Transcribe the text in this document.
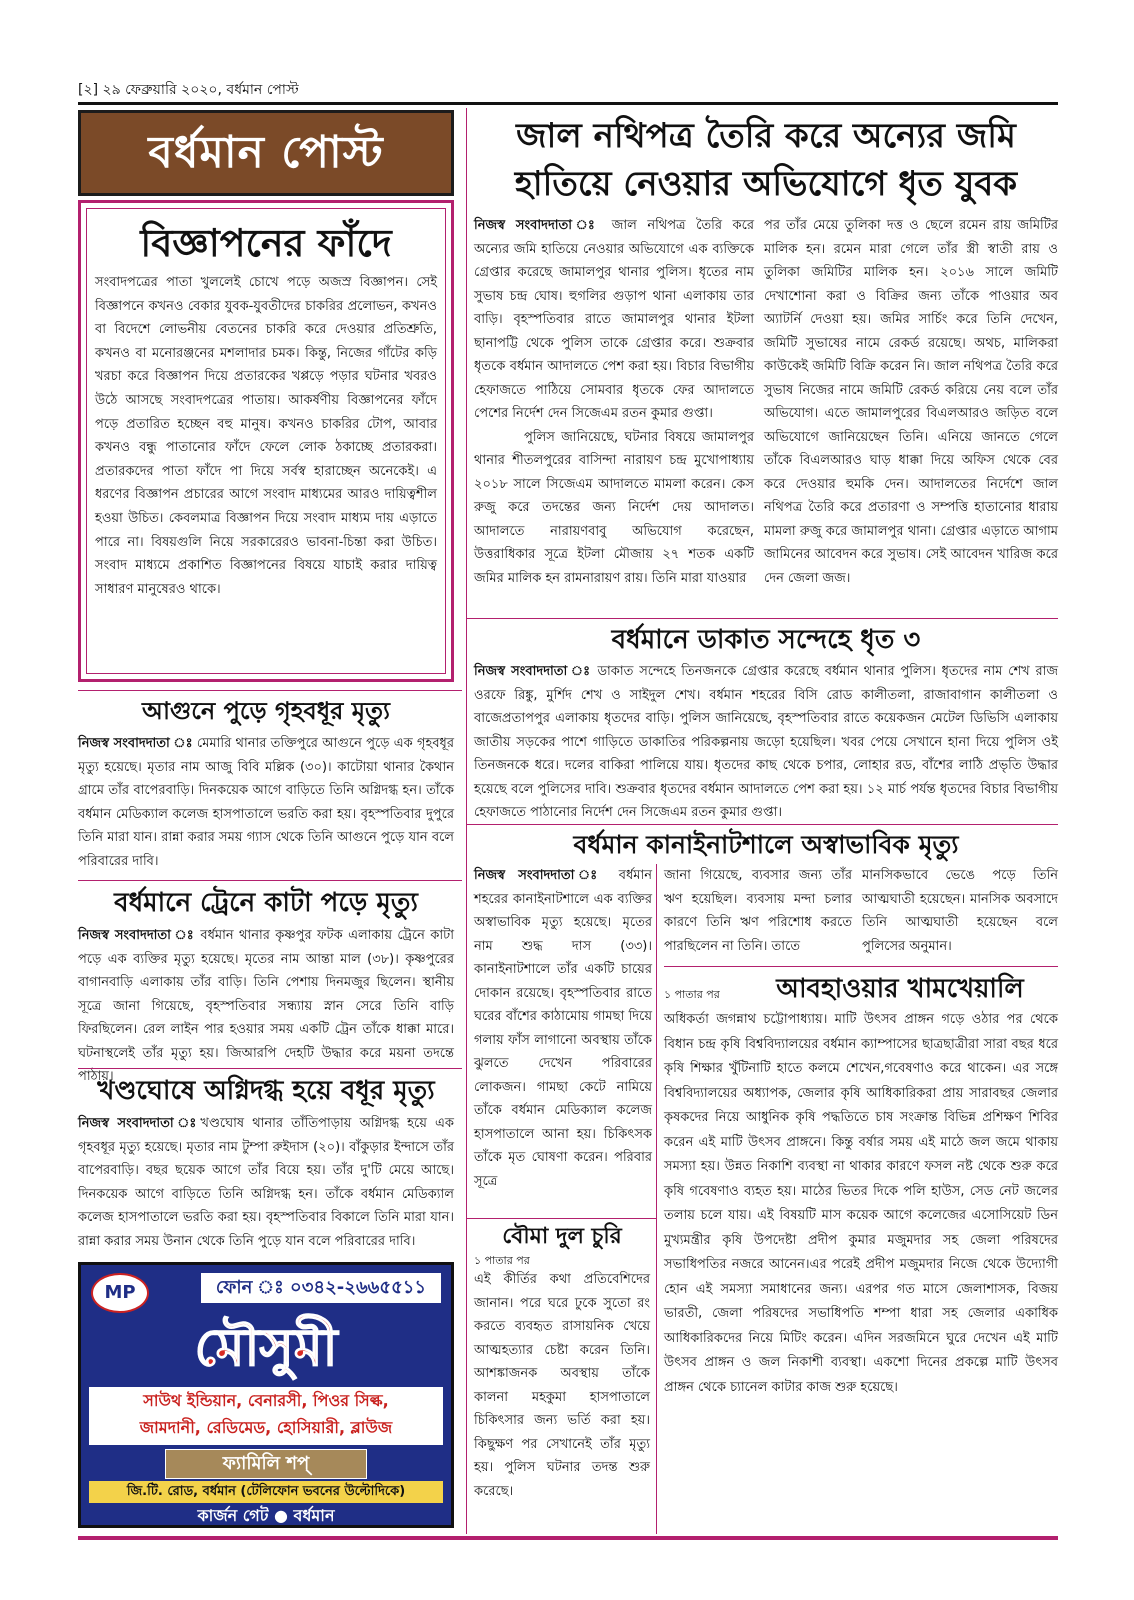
[২] ২৯ ফেব্রুয়ারি ২০২০, বর্ধমান পোস্ট
বর্ধমান পোস্ট
বিজ্ঞাপনের ফাঁদে
সংবাদপত্রের পাতা খুললেই চোখে পড়ে অজস্র বিজ্ঞাপন। সেই বিজ্ঞাপনে কখনও বেকার যুবক-যুবতীদের চাকরির প্রলোভন, কখনও বা বিদেশে লোভনীয় বেতনের চাকরি করে দেওয়ার প্রতিশ্রুতি, কখনও বা মনোরঞ্জনের মশলাদার চমক। কিন্তু, নিজের গাঁটের কড়ি খরচা করে বিজ্ঞাপন দিয়ে প্রতারকের খপ্পড়ে পড়ার ঘটনার খবরও উঠে আসছে সংবাদপত্রের পাতায়। আকর্ষণীয় বিজ্ঞাপনের ফাঁদে পড়ে প্রতারিত হচ্ছেন বহু মানুষ। কখনও চাকরির টোপ, আবার কখনও বন্ধু পাতানোর ফাঁদে ফেলে লোক ঠকাচ্ছে প্রতারকরা। প্রতারকদের পাতা ফাঁদে পা দিয়ে সর্বস্ব হারাচ্ছেন অনেকেই। এ ধরণের বিজ্ঞাপন প্রচারের আগে সংবাদ মাধ্যমের আরও দায়িত্বশীল হওয়া উচিত। কেবলমাত্র বিজ্ঞাপন দিয়ে সংবাদ মাধ্যম দায় এড়াতে পারে না। বিষয়গুলি নিয়ে সরকারেরও ভাবনা-চিন্তা করা উচিত। সংবাদ মাধ্যমে প্রকাশিত বিজ্ঞাপনের বিষয়ে যাচাই করার দায়িত্ব সাধারণ মানুষেরও থাকে।
আগুনে পুড়ে গৃহবধূর মৃত্যু
নিজস্ব সংবাদদাতা ঃ মেমারি থানার তক্তিপুরে আগুনে পুড়ে এক গৃহবধূর মৃত্যু হয়েছে। মৃতার নাম আজু বিবি মল্লিক (৩০)। কাটোয়া থানার কৈথান গ্রামে তাঁর বাপেরবাড়ি। দিনকয়েক আগে বাড়িতে তিনি অগ্নিদগ্ধ হন। তাঁকে বর্ধমান মেডিক্যাল কলেজ হাসপাতালে ভরতি করা হয়। বৃহস্পতিবার দুপুরে তিনি মারা যান। রান্না করার সময় গ্যাস থেকে তিনি আগুনে পুড়ে যান বলে পরিবারের দাবি।
বর্ধমানে ট্রেনে কাটা পড়ে মৃত্যু
নিজস্ব সংবাদদাতা ঃ বর্ধমান থানার কৃষ্ণপুর ফটক এলাকায় ট্রেনে কাটা পড়ে এক ব্যক্তির মৃত্যু হয়েছে। মৃতের নাম আন্তা মাল (৩৮)। কৃষ্ণপুরের বাগানবাড়ি এলাকায় তাঁর বাড়ি। তিনি পেশায় দিনমজুর ছিলেন। স্থানীয় সূত্রে জানা গিয়েছে, বৃহস্পতিবার সন্ধ্যায় স্নান সেরে তিনি বাড়ি ফিরছিলেন। রেল লাইন পার হওয়ার সময় একটি ট্রেন তাঁকে ধাক্কা মারে। ঘটনাস্থলেই তাঁর মৃত্যু হয়। জিআরপি দেহটি উদ্ধার করে ময়না তদন্তে পাঠায়।
খণ্ডঘোষে অগ্নিদগ্ধ হয়ে বধূর মৃত্যু
নিজস্ব সংবাদদাতা ঃখণ্ডঘোষ থানার তাঁতিপাড়ায় অগ্নিদগ্ধ হয়ে এক গৃহবধূর মৃত্যু হয়েছে। মৃতার নাম টুম্পা রুইদাস (২০)। বাঁকুড়ার ইন্দাসে তাঁর বাপেরবাড়ি। বছর ছয়েক আগে তাঁর বিয়ে হয়। তাঁর দু'টি মেয়ে আছে। দিনকয়েক আগে বাড়িতে তিনি অগ্নিদগ্ধ হন। তাঁকে বর্ধমান মেডিক্যাল কলেজ হাসপাতালে ভরতি করা হয়। বৃহস্পতিবার বিকালে তিনি মারা যান। রান্না করার সময় উনান থেকে তিনি পুড়ে যান বলে পরিবারের দাবি।
MP	ফোন ঃ ০৩৪২-২৬৬৫৫১১
মৌসুমী
সাউথ ইন্ডিয়ান, বেনারসী, পিওর সিল্ক,
জামদানী, রেডিমেড, হোসিয়ারী, ব্লাউজ
ফ্যামিলি শপ্‌
জি.টি. রোড, বর্ধমান (টেলিফোন ভবনের উল্টোদিকে)
কার্জন গেট ● বর্ধমান
জাল নথিপত্র তৈরি করে অন্যের জমি
হাতিয়ে নেওয়ার অভিযোগে ধৃত যুবক
নিজস্ব সংবাদদাতা ঃ জাল নথিপত্র তৈরি করে অন্যের জমি হাতিয়ে নেওয়ার অভিযোগে এক ব্যক্তিকে গ্রেপ্তার করেছে জামালপুর থানার পুলিস। ধৃতের নাম সুভাষ চন্দ্র ঘোষ। হুগলির গুড়াপ থানা এলাকায় তার বাড়ি। বৃহস্পতিবার রাতে জামালপুর থানার ইটলা ছানাপট্টি থেকে পুলিস তাকে গ্রেপ্তার করে। শুক্রবার ধৃতকে বর্ধমান আদালতে পেশ করা হয়। বিচার বিভাগীয় হেফাজতে পাঠিয়ে সোমবার ধৃতকে ফের আদালতে পেশের নির্দেশ দেন সিজেএম রতন কুমার গুপ্তা।
পুলিস জানিয়েছে, ঘটনার বিষয়ে জামালপুর থানার শীতলপুরের বাসিন্দা নারায়ণ চন্দ্র মুখোপাধ্যায় ২০১৮ সালে সিজেএম আদালতে মামলা করেন। কেস রুজু করে তদন্তের জন্য নির্দেশ দেয় আদালত। আদালতে নারায়ণবাবু অভিযোগ করেছেন, উত্তরাধিকার সূত্রে ইটলা মৌজায় ২৭ শতক একটি জমির মালিক হন রামনারায়ণ রায়। তিনি মারা যাওয়ার
পর তাঁর মেয়ে তুলিকা দত্ত ও ছেলে রমেন রায় জমিটির মালিক হন। রমেন মারা গেলে তাঁর স্ত্রী স্বাতী রায় ও তুলিকা জমিটির মালিক হন। ২০১৬ সালে জমিটি দেখাশোনা করা ও বিক্রির জন্য তাঁকে পাওয়ার অব অ্যাটর্নি দেওয়া হয়। জমির সার্চিং করে তিনি দেখেন, জমিটি সুভাষের নামে রেকর্ড রয়েছে। অথচ, মালিকরা কাউকেই জমিটি বিক্রি করেন নি। জাল নথিপত্র তৈরি করে সুভাষ নিজের নামে জমিটি রেকর্ড করিয়ে নেয় বলে তাঁর অভিযোগ। এতে জামালপুরের বিএলআরও জড়িত বলে অভিযোগে জানিয়েছেন তিনি। এনিয়ে জানতে গেলে তাঁকে বিএলআরও ঘাড় ধাক্কা দিয়ে অফিস থেকে বের করে দেওয়ার হুমকি দেন। আদালতের নির্দেশে জাল নথিপত্র তৈরি করে প্রতারণা ও সম্পত্তি হাতানোর ধারায় মামলা রুজু করে জামালপুর থানা। গ্রেপ্তার এড়াতে আগাম জামিনের আবেদন করে সুভাষ। সেই আবেদন খারিজ করে দেন জেলা জজ।
বর্ধমানে ডাকাত সন্দেহে ধৃত ৩
নিজস্ব সংবাদদাতা ঃ ডাকাত সন্দেহে তিনজনকে গ্রেপ্তার করেছে বর্ধমান থানার পুলিস। ধৃতদের নাম শেখ রাজ ওরফে রিঙ্কু, মুর্শিদ শেখ ও সাইদুল শেখ। বর্ধমান শহরের বিসি রোড কালীতলা, রাজাবাগান কালীতলা ও বাজেপ্রতাপপুর এলাকায় ধৃতদের বাড়ি। পুলিস জানিয়েছে, বৃহস্পতিবার রাতে কয়েকজন মেটেল ডিভিসি এলাকায় জাতীয় সড়কের পাশে গাড়িতে ডাকাতির পরিকল্পনায় জড়ো হয়েছিল। খবর পেয়ে সেখানে হানা দিয়ে পুলিস ওই তিনজনকে ধরে। দলের বাকিরা পালিয়ে যায়। ধৃতদের কাছ থেকে চপার, লোহার রড, বাঁশের লাঠি প্রভৃতি উদ্ধার হয়েছে বলে পুলিসের দাবি। শুক্রবার ধৃতদের বর্ধমান আদালতে পেশ করা হয়। ১২ মার্চ পর্যন্ত ধৃতদের বিচার বিভাগীয় হেফাজতে পাঠানোর নির্দেশ দেন সিজেএম রতন কুমার গুপ্তা।
বর্ধমান কানাইনাটশালে অস্বাভাবিক মৃত্যু
নিজস্ব সংবাদদাতা ঃ বর্ধমান শহরের কানাইনাটশালে এক ব্যক্তির অস্বাভাবিক মৃত্যু হয়েছে। মৃতের নাম শুদ্ধ দাস (৩৩)। কানাইনাটশালে তাঁর একটি চায়ের দোকান রয়েছে। বৃহস্পতিবার রাতে ঘরের বাঁশের কাঠামোয় গামছা দিয়ে গলায় ফাঁস লাগানো অবস্থায় তাঁকে ঝুলতে দেখেন পরিবারের লোকজন। গামছা কেটে নামিয়ে তাঁকে বর্ধমান মেডিক্যাল কলেজ হাসপাতালে আনা হয়। চিকিৎসক তাঁকে মৃত ঘোষণা করেন। পরিবার সূত্রে
জানা গিয়েছে, ব্যবসার জন্য তাঁর ঋণ হয়েছিল। ব্যবসায় মন্দা চলার কারণে তিনি ঋণ পরিশোধ করতে পারছিলেন না তিনি। তাতে
মানসিকভাবে ভেঙে পড়ে তিনি আত্মঘাতী হয়েছেন। মানসিক অবসাদে তিনি আত্মঘাতী হয়েছেন বলে পুলিসের অনুমান।
বৌমা দুল চুরি
১ পাতার পর
এই কীর্তির কথা প্রতিবেশিদের জানান। পরে ঘরে ঢুকে সুতো রং করতে ব্যবহৃত রাসায়নিক খেয়ে আত্মহত্যার চেষ্টা করেন তিনি। আশঙ্কাজনক অবস্থায় তাঁকে কালনা মহকুমা হাসপাতালে চিকিৎসার জন্য ভর্তি করা হয়। কিছুক্ষণ পর সেখানেই তাঁর মৃত্যু হয়। পুলিস ঘটনার তদন্ত শুরু করেছে।
১ পাতার পর	আবহাওয়ার খামখেয়ালি
অধিকর্তা জগন্নাথ চট্টোপাধ্যায়। মাটি উৎসব প্রাঙ্গন গড়ে ওঠার পর থেকে বিধান চন্দ্র কৃষি বিশ্ববিদ্যালয়ের বর্ধমান ক্যাম্পাসের ছাত্রছাত্রীরা সারা বছর ধরে কৃষি শিক্ষার খুঁটিনাটি হাতে কলমে শেখেন,গবেষণাও করে থাকেন। এর সঙ্গে বিশ্ববিদ্যালয়ের অধ্যাপক, জেলার কৃষি আধিকারিকরা প্রায় সারাবছর জেলার কৃষকদের নিয়ে আধুনিক কৃষি পদ্ধতিতে চাষ সংক্রান্ত বিভিন্ন প্রশিক্ষণ শিবির করেন এই মাটি উৎসব প্রাঙ্গনে। কিন্তু বর্ষার সময় এই মাঠে জল জমে থাকায় সমস্যা হয়। উন্নত নিকাশি ব্যবস্থা না থাকার কারণে ফসল নষ্ট থেকে শুরু করে কৃষি গবেষণাও ব্যহত হয়। মাঠের ভিতর দিকে পলি হাউস, সেড নেট জলের তলায় চলে যায়। এই বিষয়টি মাস কয়েক আগে কলেজের এসোসিয়েট ডিন মুখ্যমন্ত্রীর কৃষি উপদেষ্টা প্রদীপ কুমার মজুমদার সহ জেলা পরিষদের সভাধিপতির নজরে আনেন।এর পরেই প্রদীপ মজুমদার নিজে থেকে উদ্যোগী হোন এই সমস্যা সমাধানের জন্য। এরপর গত মাসে জেলাশাসক, বিজয় ভারতী, জেলা পরিষদের সভাধিপতি শম্পা ধারা সহ জেলার একাধিক আধিকারিকদের নিয়ে মিটিং করেন। এদিন সরজমিনে ঘুরে দেখেন এই মাটি উৎসব প্রাঙ্গন ও জল নিকাশী ব্যবস্থা। একশো দিনের প্রকল্পে মাটি উৎসব প্রাঙ্গন থেকে চ্যানেল কাটার কাজ শুরু হয়েছে।
